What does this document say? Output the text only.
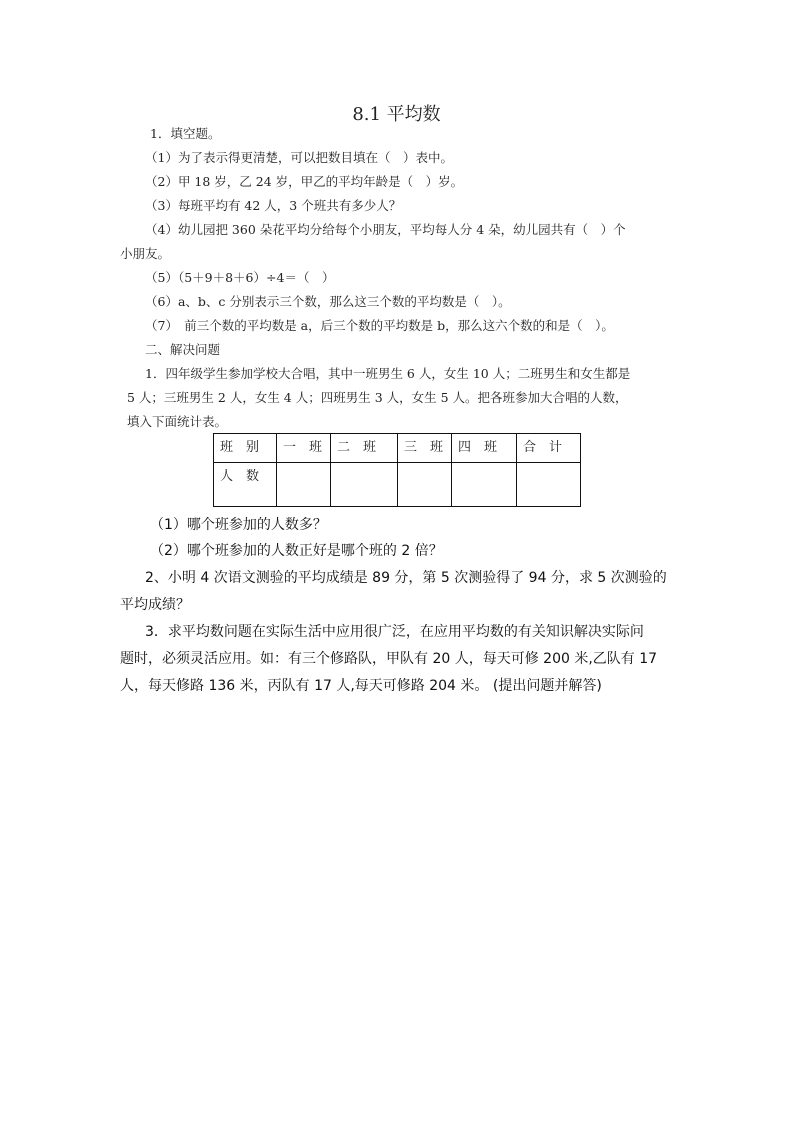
8.1 平均数
1．填空题。
（1）为了表示得更清楚，可以把数目填在（　）表中。
（2）甲 18 岁，乙 24 岁，甲乙的平均年龄是（　）岁。
（3）每班平均有 42 人，3 个班共有多少人？
（4）幼儿园把 360 朵花平均分给每个小朋友，平均每人分 4 朵，幼儿园共有（　）个
小朋友。
（5）（5＋9＋8＋6）÷4＝（　）
（6）a、b、c 分别表示三个数，那么这三个数的平均数是（　）。
（7）　前三个数的平均数是 a，后三个数的平均数是 b，那么这六个数的和是（　）。
二、解决问题
1．四年级学生参加学校大合唱，其中一班男生 6 人，女生 10 人；二班男生和女生都是
5 人；三班男生 2 人，女生 4 人；四班男生 3 人，女生 5 人。把各班参加大合唱的人数，
填入下面统计表。
班　别	一　班	二　班	三　班	四　班	合　计
人　数					
（1）哪个班参加的人数多？
（2）哪个班参加的人数正好是哪个班的 2 倍？
2、小明 4 次语文测验的平均成绩是 89 分，第 5 次测验得了 94 分，求 5 次测验的
平均成绩？
3．求平均数问题在实际生活中应用很广泛，在应用平均数的有关知识解决实际问
题时，必须灵活应用。如：有三个修路队，甲队有 20 人，每天可修 200 米,乙队有 17
人，每天修路 136 米，丙队有 17 人,每天可修路 204 米。 (提出问题并解答)
